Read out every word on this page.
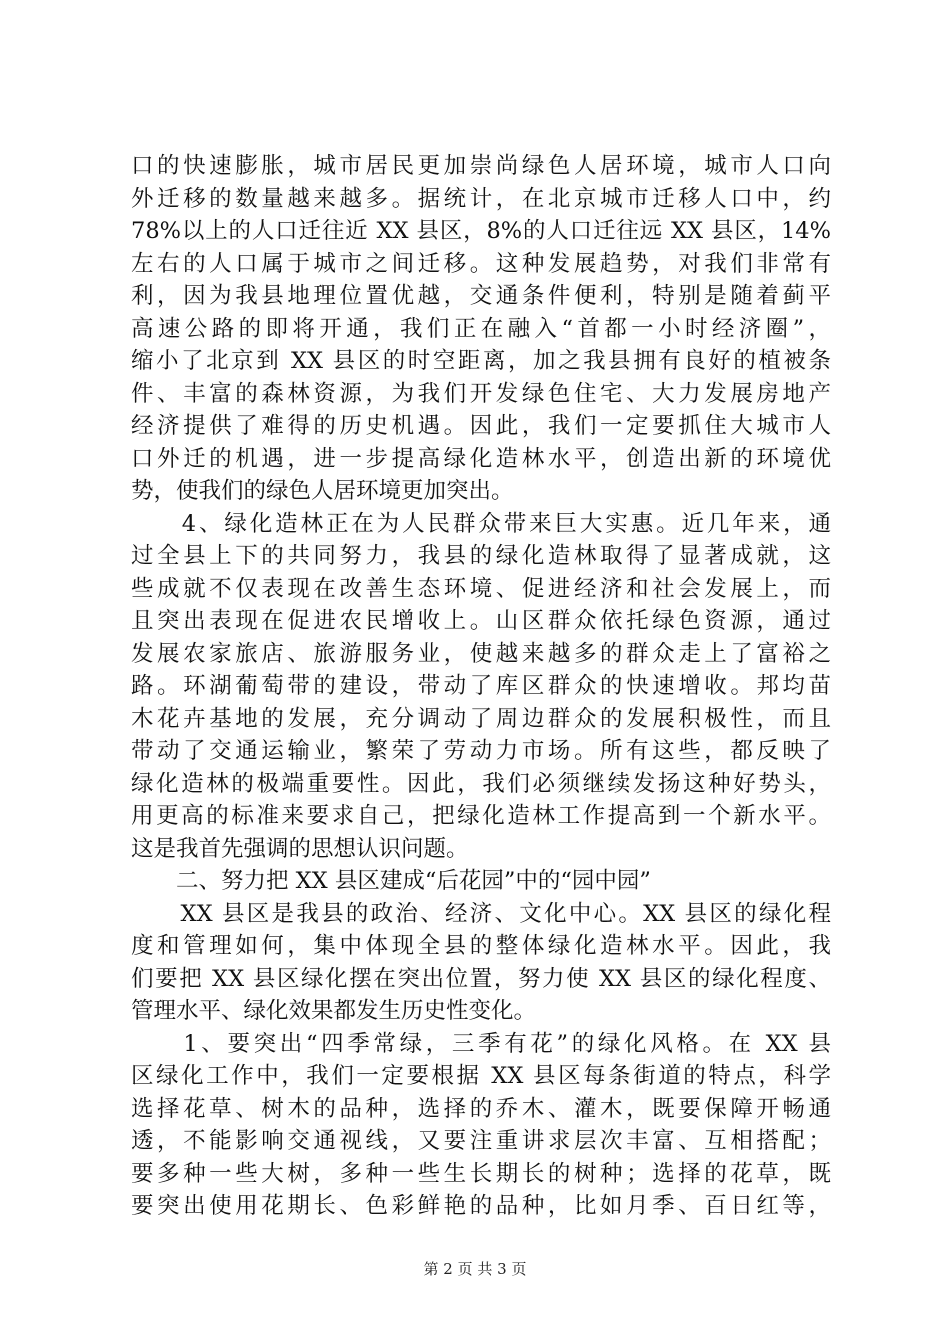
口的快速膨胀，城市居民更加崇尚绿色人居环境，城市人口向
外迁移的数量越来越多。据统计，在北京城市迁移人口中，约
78%以上的人口迁往近 XX 县区，8%的人口迁往远 XX 县区，14%
左右的人口属于城市之间迁移。这种发展趋势，对我们非常有
利，因为我县地理位置优越，交通条件便利，特别是随着蓟平
高速公路的即将开通，我们正在融入“首都一小时经济圈”，
缩小了北京到 XX 县区的时空距离，加之我县拥有良好的植被条
件、丰富的森林资源，为我们开发绿色住宅、大力发展房地产
经济提供了难得的历史机遇。因此，我们一定要抓住大城市人
口外迁的机遇，进一步提高绿化造林水平，创造出新的环境优
势，使我们的绿色人居环境更加突出。
　　4、绿化造林正在为人民群众带来巨大实惠。近几年来，通
过全县上下的共同努力，我县的绿化造林取得了显著成就，这
些成就不仅表现在改善生态环境、促进经济和社会发展上，而
且突出表现在促进农民增收上。山区群众依托绿色资源，通过
发展农家旅店、旅游服务业，使越来越多的群众走上了富裕之
路。环湖葡萄带的建设，带动了库区群众的快速增收。邦均苗
木花卉基地的发展，充分调动了周边群众的发展积极性，而且
带动了交通运输业，繁荣了劳动力市场。所有这些，都反映了
绿化造林的极端重要性。因此，我们必须继续发扬这种好势头，
用更高的标准来要求自己，把绿化造林工作提高到一个新水平。
这是我首先强调的思想认识问题。
　　二、努力把 XX 县区建成“后花园”中的“园中园”
　　XX 县区是我县的政治、经济、文化中心。XX 县区的绿化程
度和管理如何，集中体现全县的整体绿化造林水平。因此，我
们要把 XX 县区绿化摆在突出位置，努力使 XX 县区的绿化程度、
管理水平、绿化效果都发生历史性变化。
　　1、要突出“四季常绿，三季有花”的绿化风格。在 XX 县
区绿化工作中，我们一定要根据 XX 县区每条街道的特点，科学
选择花草、树木的品种，选择的乔木、灌木，既要保障开畅通
透，不能影响交通视线，又要注重讲求层次丰富、互相搭配；
要多种一些大树，多种一些生长期长的树种；选择的花草，既
要突出使用花期长、色彩鲜艳的品种，比如月季、百日红等，
第 2 页 共 3 页
